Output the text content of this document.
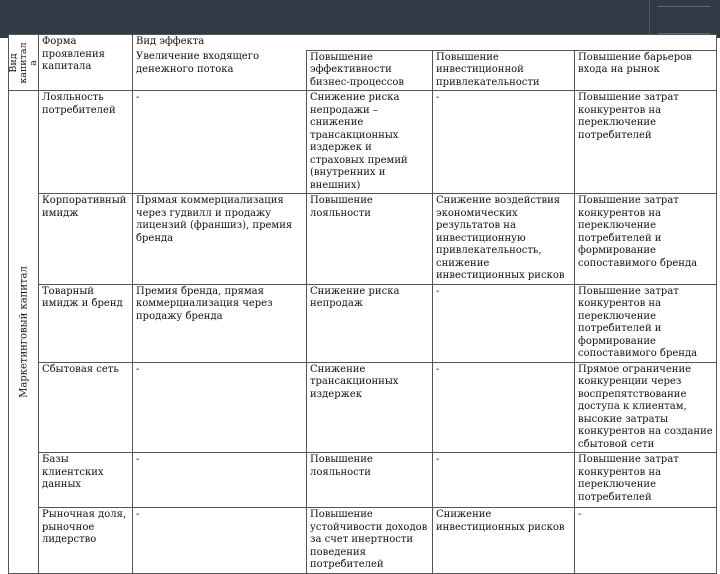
Вид капитала	Форма проявления капитала	Вид эффекта			
		Увеличение входящего денежного потока	Повышение эффективности бизнес-процессов	Повышение инвестиционной привлекательности	Повышение барьеров входа на рынок

Маркетинговый капитал	Лояльность потребителей	-	Снижение риска непродажи – снижение трансакционных издержек и страховых премий (внутренних и внешних)	-	Повышение затрат конкурентов на переключение потребителей
	Корпоративный имидж	Прямая коммерциализация через гудвилл и продажу лицензий (франшиз), премия бренда	Повышение лояльности	Снижение воздействия экономических результатов на инвестиционную привлекательность, снижение инвестиционных рисков	Повышение затрат конкурентов на переключение потребителей и формирование сопоставимого бренда
	Товарный имидж и бренд	Премия бренда, прямая коммерциализация через продажу бренда	Снижение риска непродаж	-	Повышение затрат конкурентов на переключение потребителей и формирование сопоставимого бренда
	Сбытовая сеть	-	Снижение трансакционных издержек	-	Прямое ограничение конкуренции через воспрепятствование доступа к клиентам, высокие затраты конкурентов на создание сбытовой сети
	Базы клиентских данных	-	Повышение лояльности	-	Повышение затрат конкурентов на переключение потребителей
	Рыночная доля, рыночное лидерство	-	Повышение устойчивости доходов за счет инертности поведения потребителей	Снижение инвестиционных рисков	-
